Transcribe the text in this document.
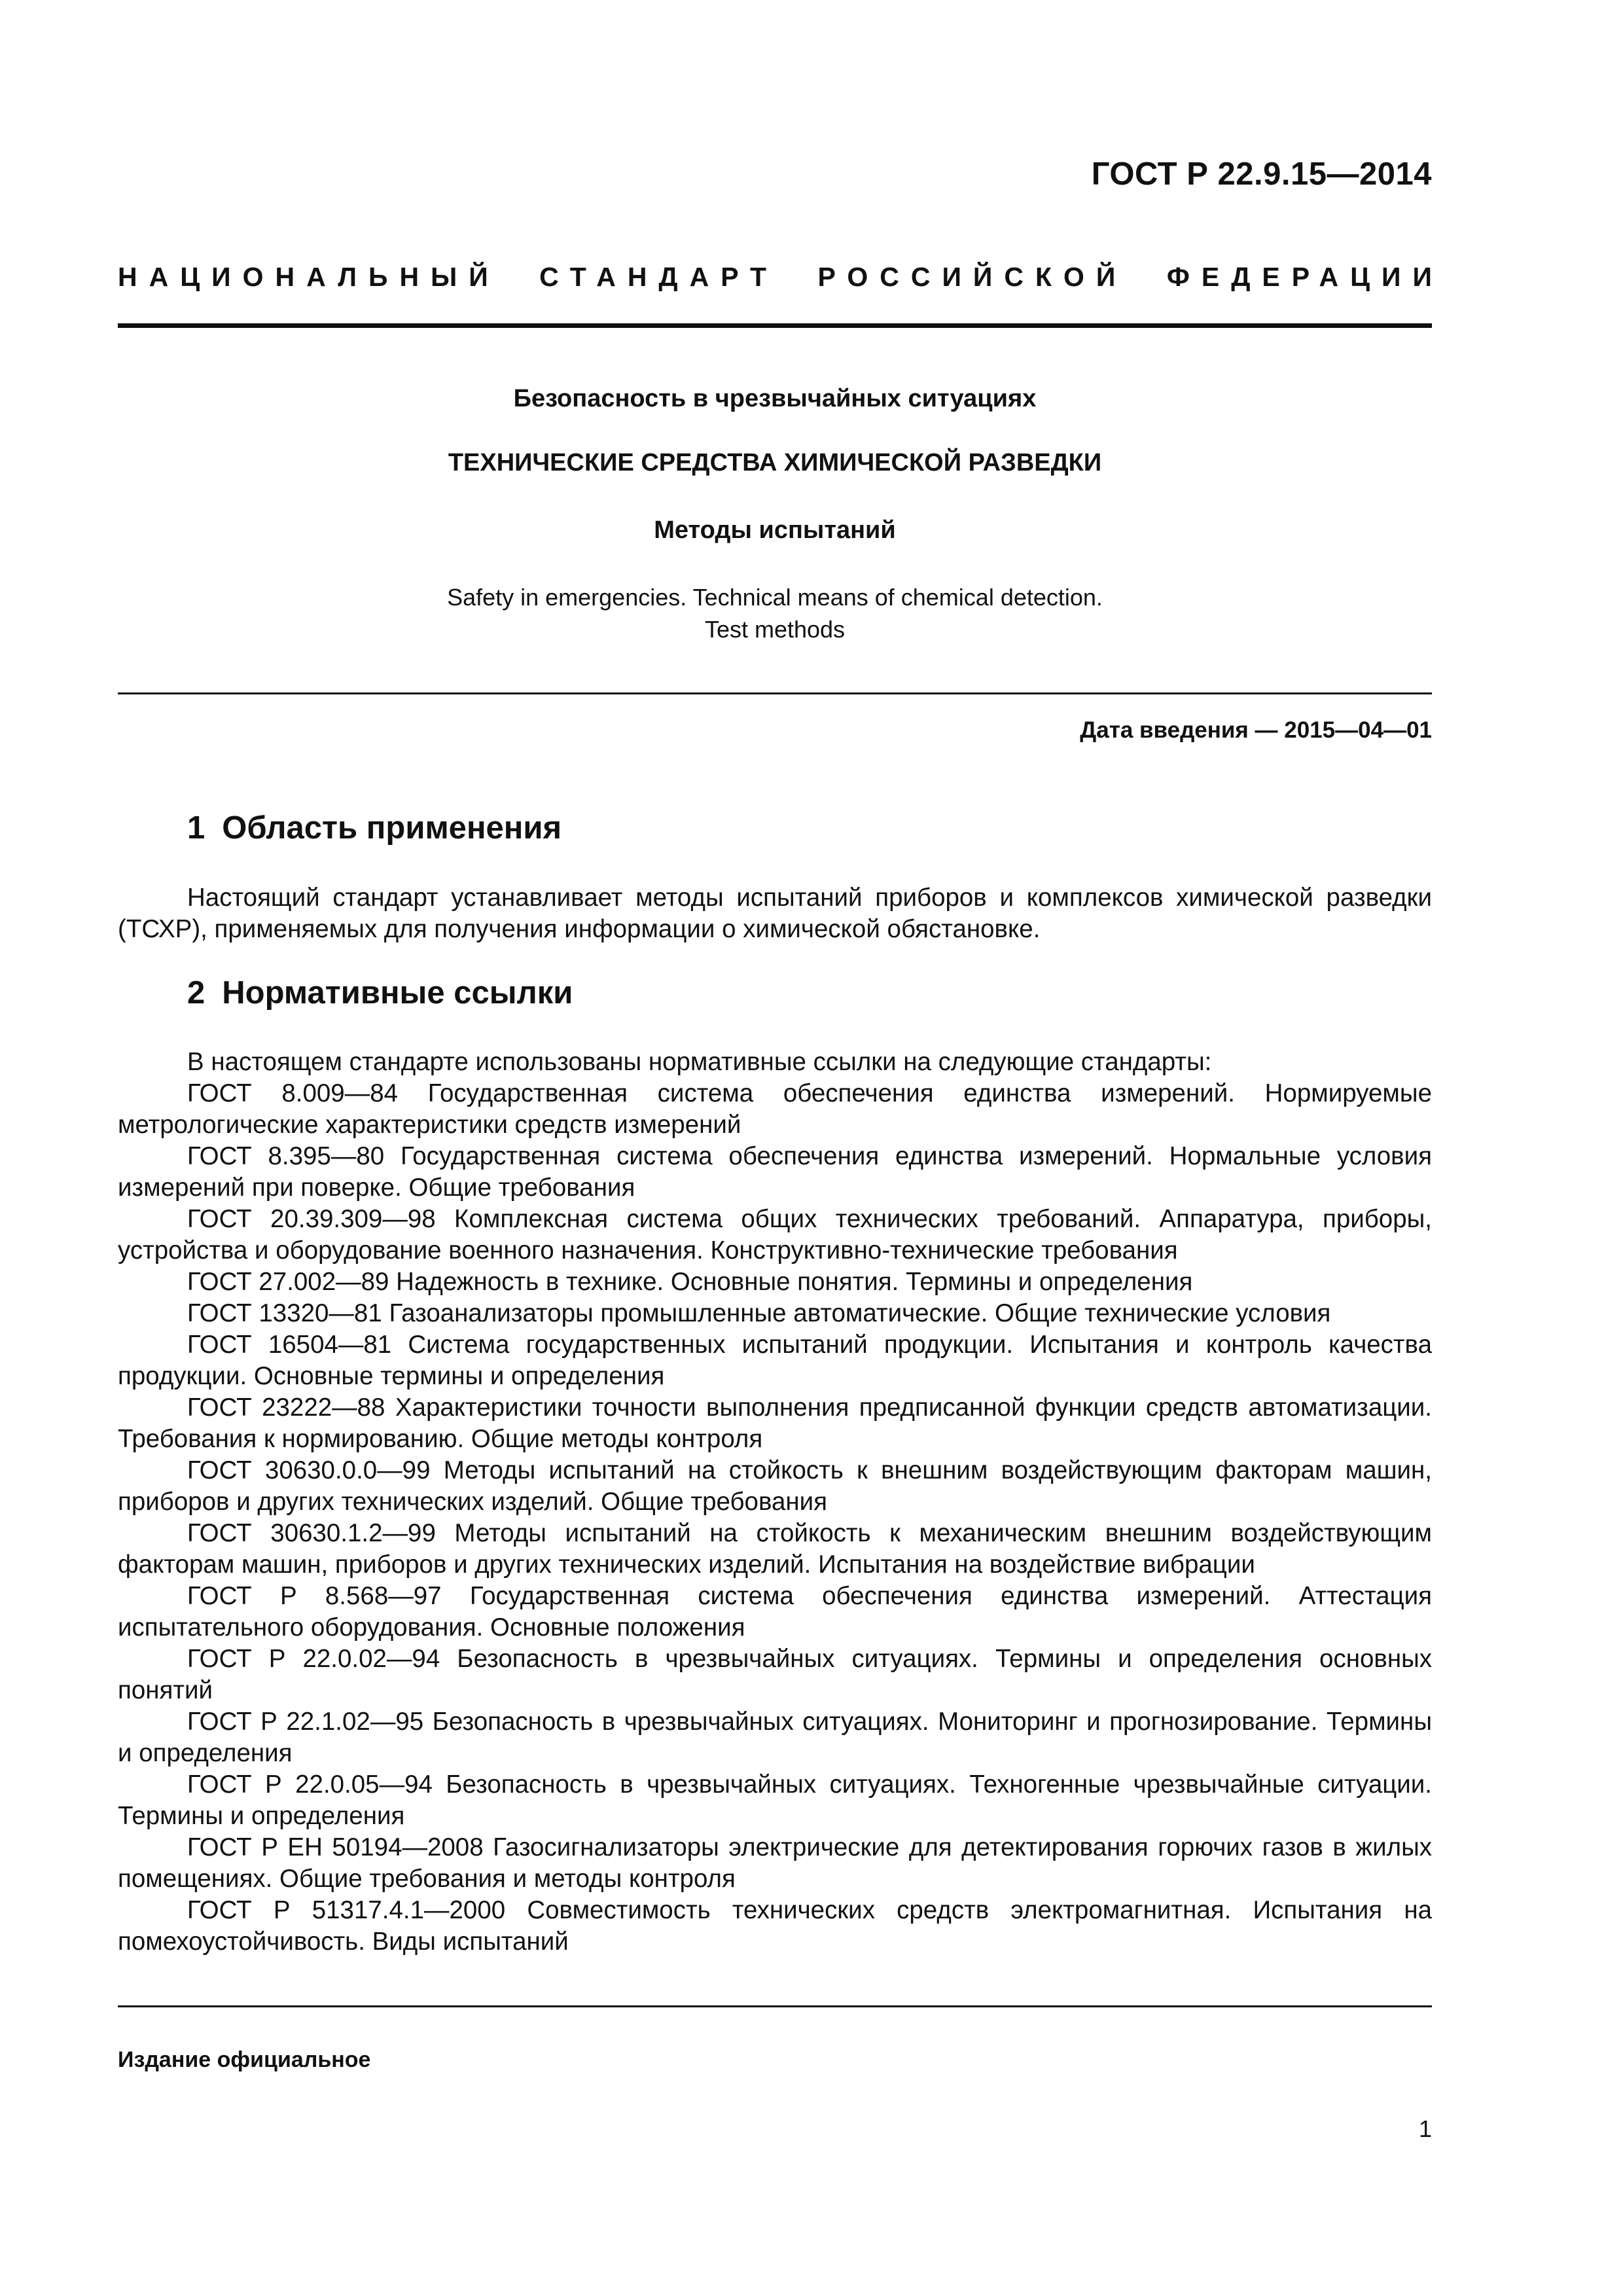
ГОСТ Р 22.9.15—2014
НАЦИОНАЛЬНЫЙ СТАНДАРТ РОССИЙСКОЙ ФЕДЕРАЦИИ
Безопасность в чрезвычайных ситуациях
ТЕХНИЧЕСКИЕ СРЕДСТВА ХИМИЧЕСКОЙ РАЗВЕДКИ
Методы испытаний
Safety in emergencies. Technical means of chemical detection.
Test methods
Дата введения — 2015—04—01
1 Область применения

Настоящий стандарт устанавливает методы испытаний приборов и комплексов химической разведки (ТСХР), применяемых для получения информации о химической обястановке.

2 Нормативные ссылки

В настоящем стандарте использованы нормативные ссылки на следующие стандарты:

ГОСТ 8.009—84 Государственная система обеспечения единства измерений. Нормируемые метрологические характеристики средств измерений

ГОСТ 8.395—80 Государственная система обеспечения единства измерений. Нормальные условия измерений при поверке. Общие требования

ГОСТ 20.39.309—98 Комплексная система общих технических требований. Аппаратура, приборы, устройства и оборудование военного назначения. Конструктивно-технические требования

ГОСТ 27.002—89 Надежность в технике. Основные понятия. Термины и определения

ГОСТ 13320—81 Газоанализаторы промышленные автоматические. Общие технические условия

ГОСТ 16504—81 Система государственных испытаний продукции. Испытания и контроль качества продукции. Основные термины и определения

ГОСТ 23222—88 Характеристики точности выполнения предписанной функции средств автоматизации. Требования к нормированию. Общие методы контроля

ГОСТ 30630.0.0—99 Методы испытаний на стойкость к внешним воздействующим факторам машин, приборов и других технических изделий. Общие требования

ГОСТ 30630.1.2—99 Методы испытаний на стойкость к механическим внешним воздействующим факторам машин, приборов и других технических изделий. Испытания на воздействие вибрации

ГОСТ Р 8.568—97 Государственная система обеспечения единства измерений. Аттестация испытательного оборудования. Основные положения

ГОСТ Р 22.0.02—94 Безопасность в чрезвычайных ситуациях. Термины и определения основных понятий

ГОСТ Р 22.1.02—95 Безопасность в чрезвычайных ситуациях. Мониторинг и прогнозирование. Термины и определения

ГОСТ Р 22.0.05—94 Безопасность в чрезвычайных ситуациях. Техногенные чрезвычайные ситуации. Термины и определения

ГОСТ Р ЕН 50194—2008 Газосигнализаторы электрические для детектирования горючих газов в жилых помещениях. Общие требования и методы контроля

ГОСТ Р 51317.4.1—2000 Совместимость технических средств электромагнитная. Испытания на помехоустойчивость. Виды испытаний

Издание официальное
1
